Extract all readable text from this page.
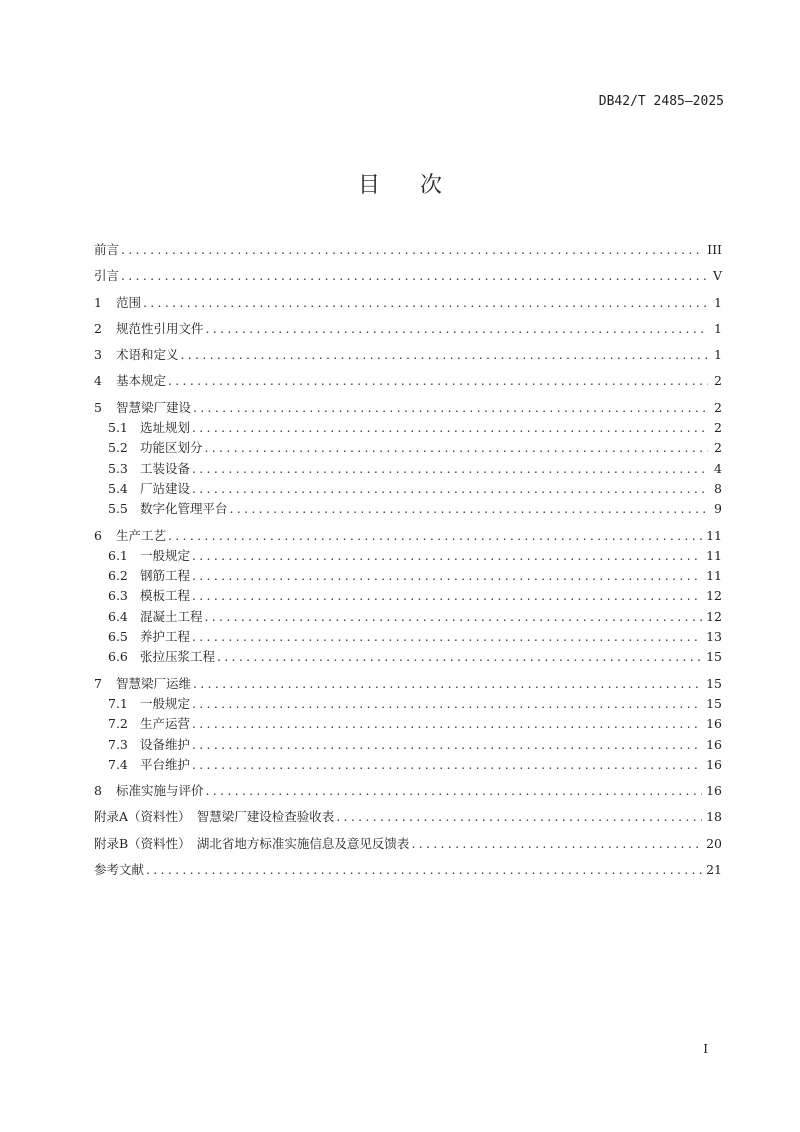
DB42/T 2485—2025
目次
前言 .....	III
引言 .....	V
1	范围 .....	1
2	规范性引用文件 .....	1
3	术语和定义 .....	1
4	基本规定 .....	2
5	智慧梁厂建设 .....	2
5.1 选址规划 .....	2
5.2 功能区划分 .....	2
5.3 工装设备 .....	4
5.4 厂站建设 .....	8
5.5 数字化管理平台 .....	9
6	生产工艺 .....	11
6.1 一般规定 .....	11
6.2 钢筋工程 .....	11
6.3 模板工程 .....	12
6.4 混凝土工程 .....	12
6.5 养护工程 .....	13
6.6 张拉压浆工程 .....	15
7	智慧梁厂运维 .....	15
7.1 一般规定 .....	15
7.2 生产运营 .....	16
7.3 设备维护 .....	16
7.4 平台维护 .....	16
8	标准实施与评价 .....	16
附录A（资料性）　智慧梁厂建设检查验收表 .....	18
附录B（资料性）　湖北省地方标准实施信息及意见反馈表 .....	20
参考文献 .....	21
I
